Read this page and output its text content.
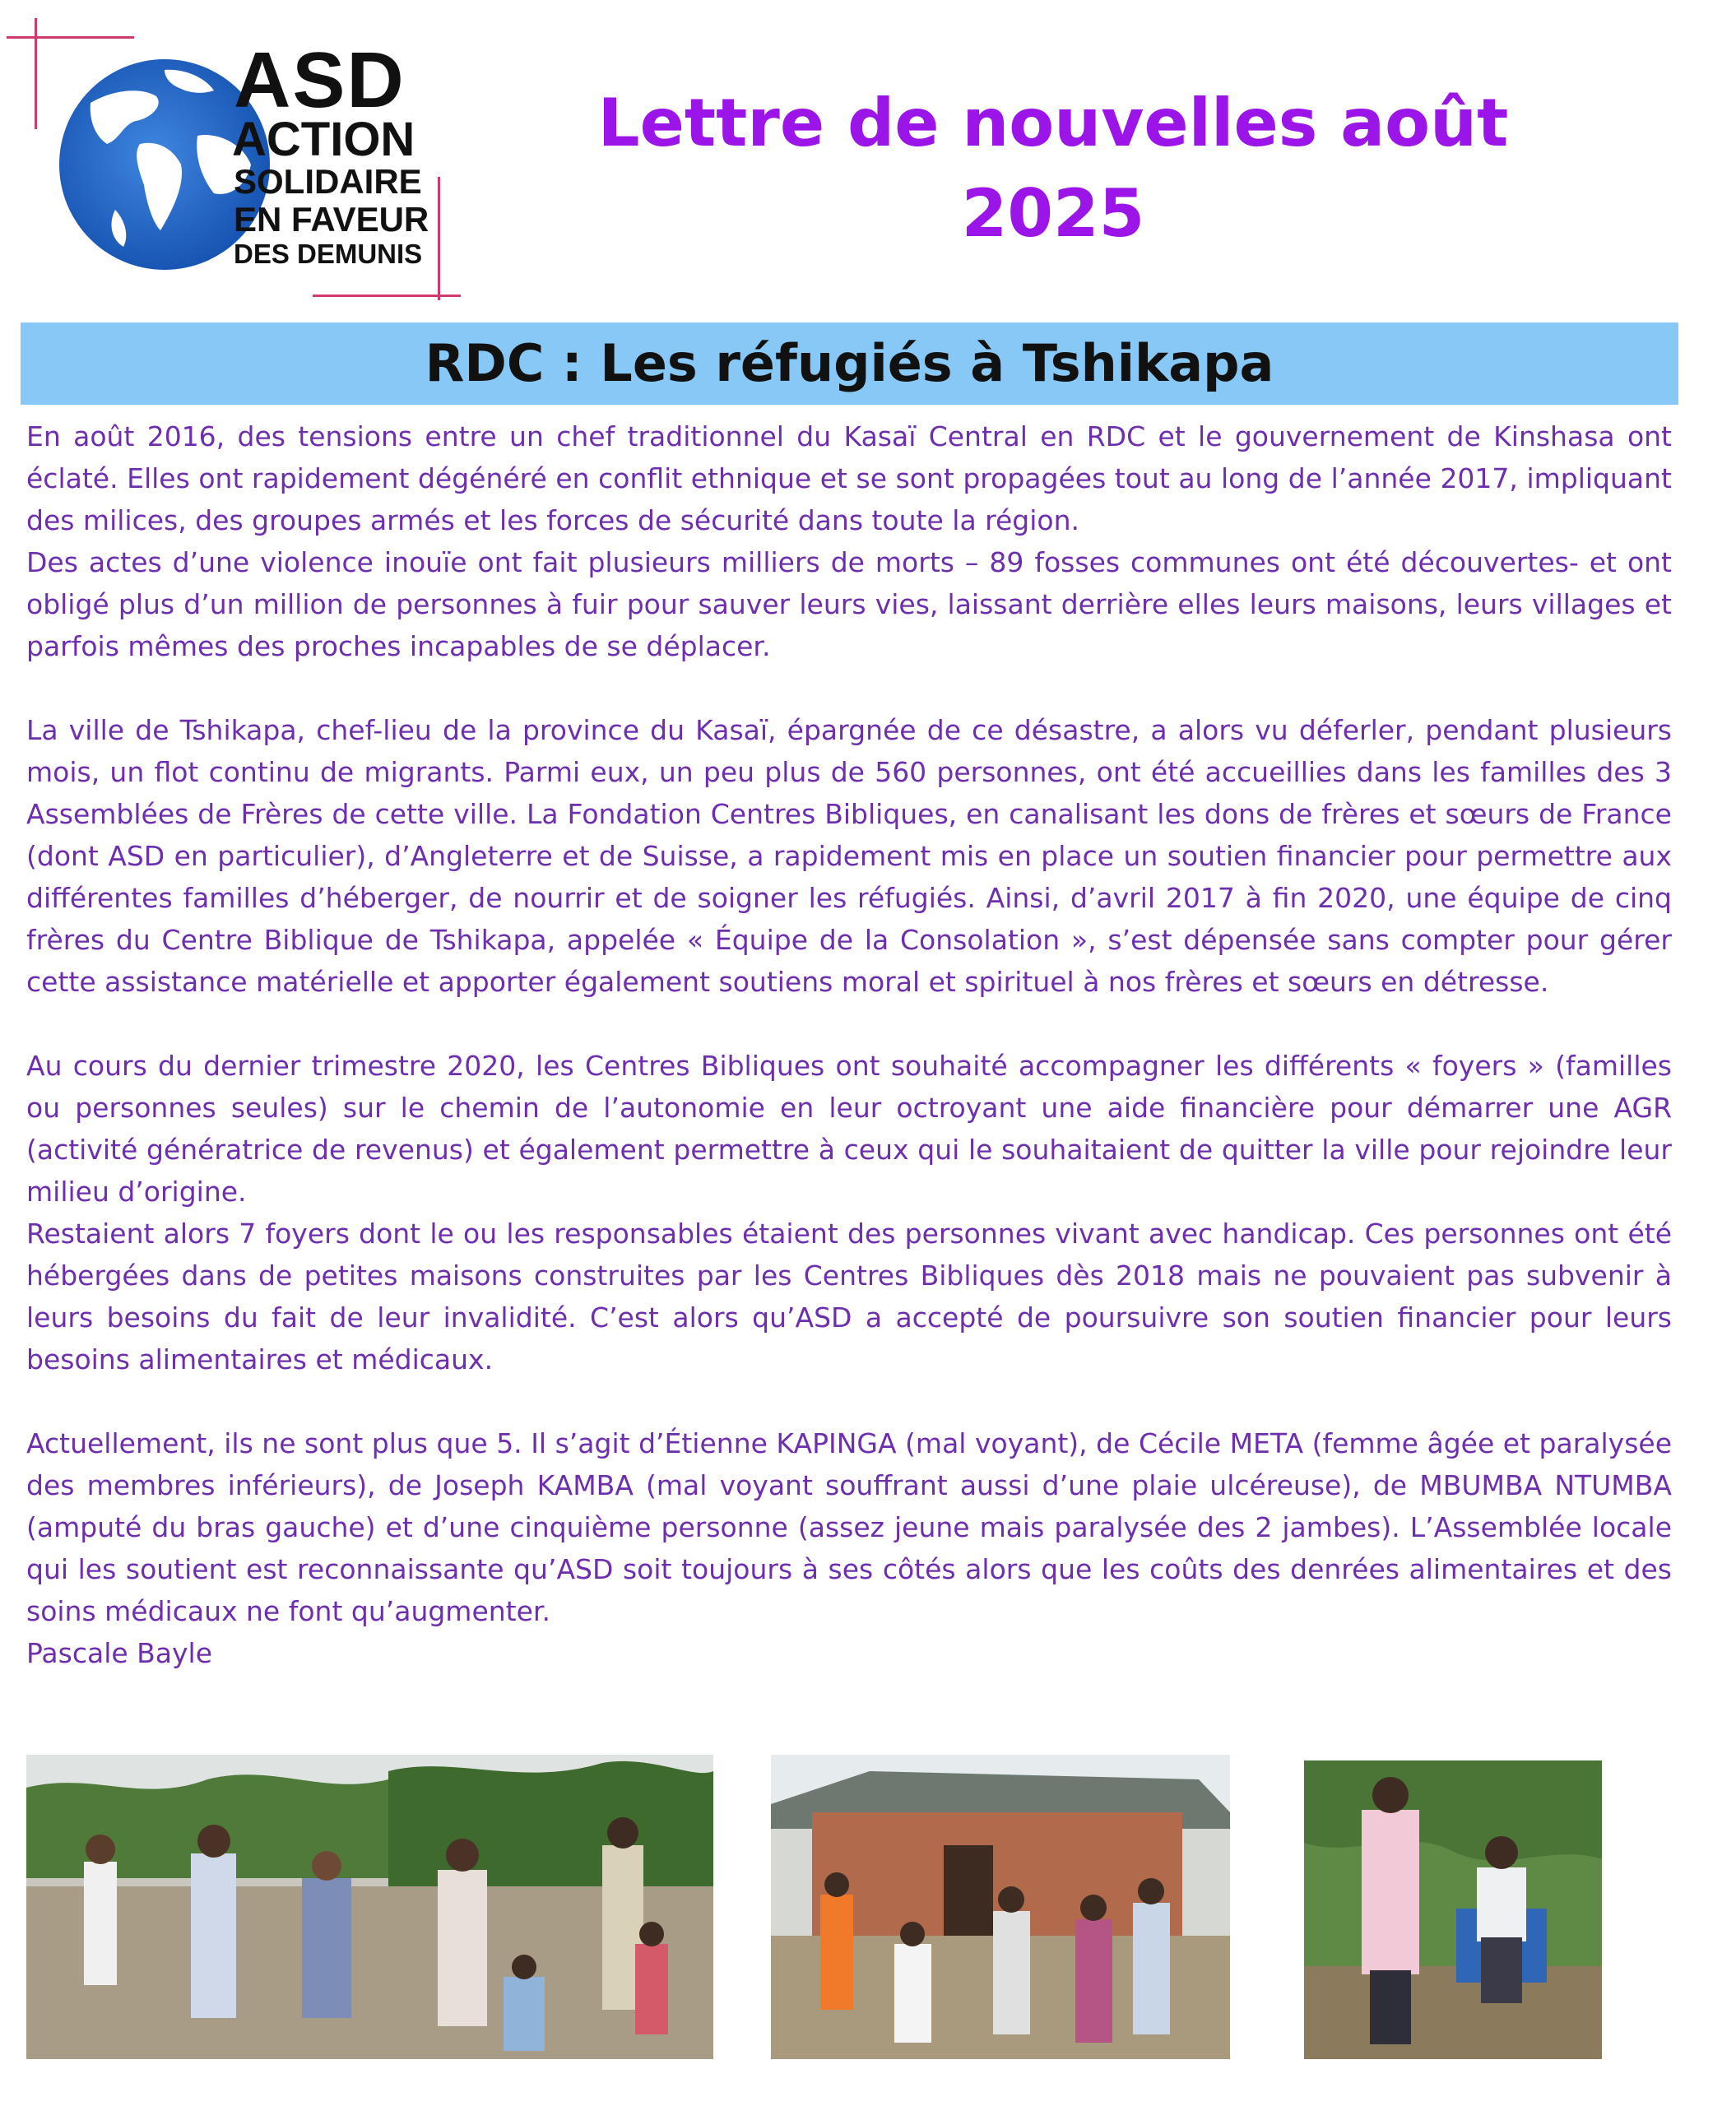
ASD
ACTION
SOLIDAIRE
EN FAVEUR
DES DEMUNIS
Lettre de nouvelles août
2025
RDC : Les réfugiés à Tshikapa

En août 2016, des tensions entre un chef traditionnel du Kasaï Central en RDC et le gouvernement de Kinshasa ont éclaté. Elles ont rapidement dégénéré en conflit ethnique et se sont propagées tout au long de l’année 2017, impliquant des milices, des groupes armés et les forces de sécurité dans toute la région.

Des actes d’une violence inouïe ont fait plusieurs milliers de morts – 89 fosses communes ont été découvertes- et ont obligé plus d’un million de personnes à fuir pour sauver leurs vies, laissant derrière elles leurs maisons, leurs villages et parfois mêmes des proches incapables de se déplacer.

La ville de Tshikapa, chef-lieu de la province du Kasaï, épargnée de ce désastre, a alors vu déferler, pendant plusieurs mois, un flot continu de migrants. Parmi eux, un peu plus de 560 personnes, ont été accueillies dans les familles des 3 Assemblées de Frères de cette ville. La Fondation Centres Bibliques, en canalisant les dons de frères et sœurs de France (dont ASD en particulier), d’Angleterre et de Suisse, a rapidement mis en place un soutien financier pour permettre aux différentes familles d’héberger, de nourrir et de soigner les réfugiés. Ainsi, d’avril 2017 à fin 2020, une équipe de cinq frères du Centre Biblique de Tshikapa, appelée « Équipe de la Consolation », s’est dépensée sans compter pour gérer cette assistance matérielle et apporter également soutiens moral et spirituel à nos frères et sœurs en détresse.

Au cours du dernier trimestre 2020, les Centres Bibliques ont souhaité accompagner les différents « foyers » (familles ou personnes seules) sur le chemin de l’autonomie en leur octroyant une aide financière pour démarrer une AGR (activité génératrice de revenus) et également permettre à ceux qui le souhaitaient de quitter la ville pour rejoindre leur milieu d’origine.

Restaient alors 7 foyers dont le ou les responsables étaient des personnes vivant avec handicap. Ces personnes ont été hébergées dans de petites maisons construites par les Centres Bibliques dès 2018 mais ne pouvaient pas subvenir à leurs besoins du fait de leur invalidité. C’est alors qu’ASD a accepté de poursuivre son soutien financier pour leurs besoins alimentaires et médicaux.

Actuellement, ils ne sont plus que 5. Il s’agit d’Étienne KAPINGA (mal voyant), de Cécile META (femme âgée et paralysée des membres inférieurs), de Joseph KAMBA (mal voyant souffrant aussi d’une plaie ulcéreuse), de MBUMBA NTUMBA (amputé du bras gauche) et d’une cinquième personne (assez jeune mais paralysée des 2 jambes). L’Assemblée locale qui les soutient est reconnaissante qu’ASD soit toujours à ses côtés alors que les coûts des denrées alimentaires et des soins médicaux ne font qu’augmenter.

Pascale Bayle
